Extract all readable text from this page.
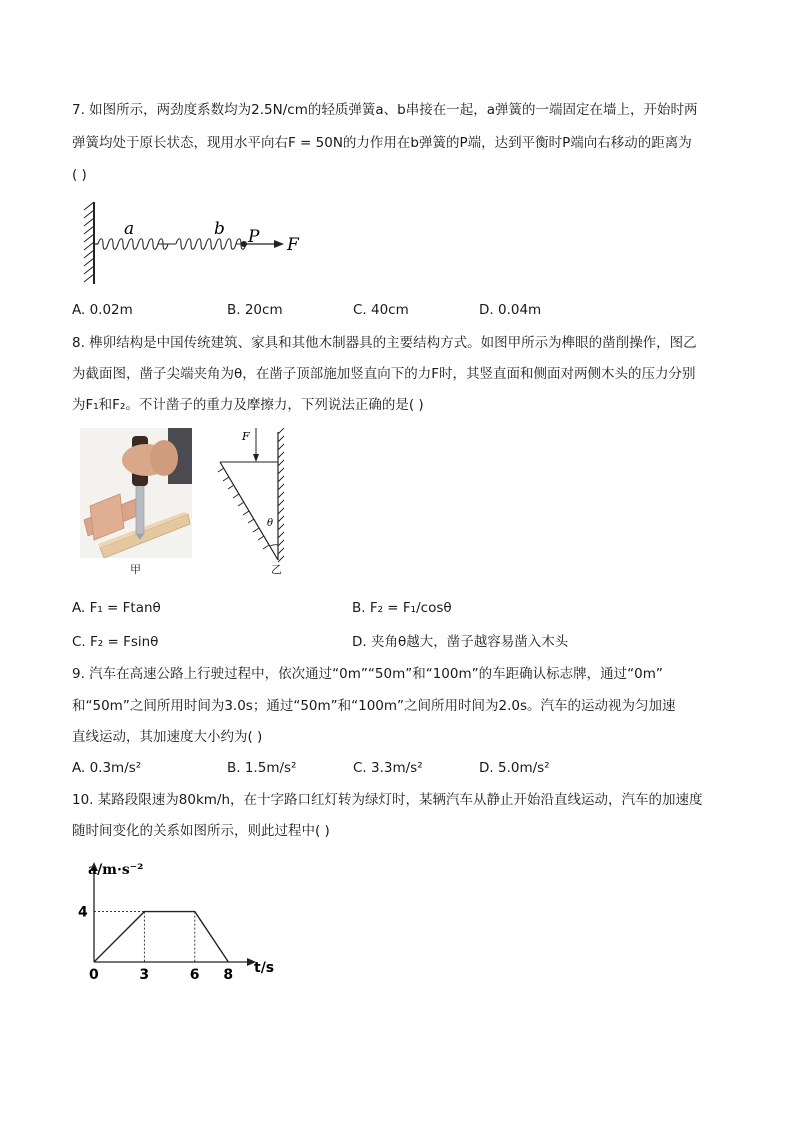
7. 如图所示，两劲度系数均为2.5N/cm的轻质弹簧a、b串接在一起，a弹簧的一端固定在墙上，开始时两
弹簧均处于原长状态，现用水平向右F = 50N的力作用在b弹簧的P端，达到平衡时P端向右移动的距离为
( )
a	b P F
A. 0.02m	B. 20cm	C. 40cm	D. 0.04m
8. 榫卯结构是中国传统建筑、家具和其他木制器具的主要结构方式。如图甲所示为榫眼的凿削操作，图乙
为截面图，凿子尖端夹角为θ，在凿子顶部施加竖直向下的力F时，其竖直面和侧面对两侧木头的压力分别
为F₁和F₂。不计凿子的重力及摩擦力，下列说法正确的是( )
甲
F
θ
乙
A. F₁ = Ftanθ	B. F₂ = F₁/cosθ
C. F₂ = Fsinθ	D. 夹角θ越大，凿子越容易凿入木头
9. 汽车在高速公路上行驶过程中，依次通过“0m”“50m”和“100m”的车距确认标志牌，通过“0m”
和“50m”之间所用时间为3.0s；通过“50m”和“100m”之间所用时间为2.0s。汽车的运动视为匀加速
直线运动，其加速度大小约为( )
A. 0.3m/s²	B. 1.5m/s²	C. 3.3m/s²	D. 5.0m/s²
10. 某路段限速为80km/h，在十字路口红灯转为绿灯时，某辆汽车从静止开始沿直线运动，汽车的加速度
随时间变化的关系如图所示，则此过程中( )
a/m·s⁻²
t/s
0	3	6 8
4
